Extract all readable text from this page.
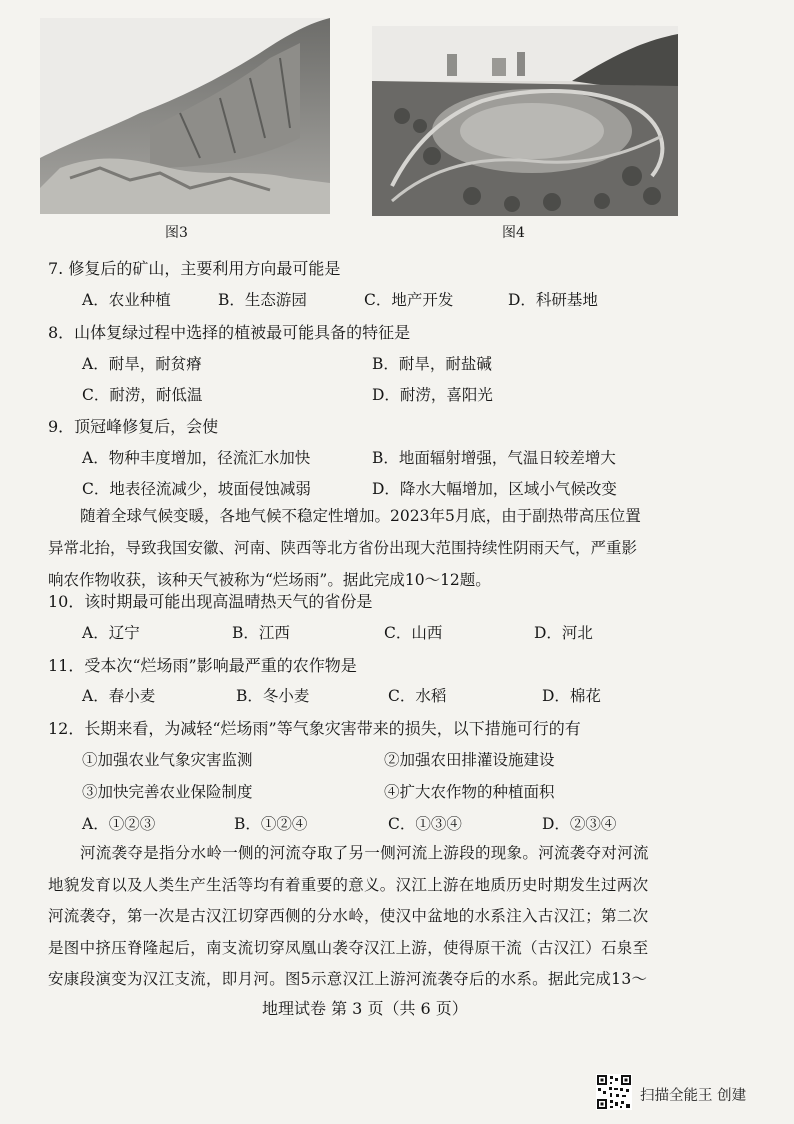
图3	图4
7. 修复后的矿山，主要利用方向最可能是
A．农业种植	B．生态游园	C．地产开发	D．科研基地
8．山体复绿过程中选择的植被最可能具备的特征是
A．耐旱，耐贫瘠	B．耐旱，耐盐碱
C．耐涝，耐低温	D．耐涝，喜阳光
9．顶冠峰修复后，会使
A．物种丰度增加，径流汇水加快	B．地面辐射增强，气温日较差增大
C．地表径流减少，坡面侵蚀减弱	D．降水大幅增加，区域小气候改变
随着全球气候变暖，各地气候不稳定性增加。2023年5月底，由于副热带高压位置
异常北抬，导致我国安徽、河南、陕西等北方省份出现大范围持续性阴雨天气，严重影
响农作物收获，该种天气被称为“烂场雨”。据此完成10～12题。
10．该时期最可能出现高温晴热天气的省份是
A．辽宁	B．江西	C．山西	D．河北
11．受本次“烂场雨”影响最严重的农作物是
A．春小麦	B．冬小麦	C．水稻	D．棉花
12．长期来看，为减轻“烂场雨”等气象灾害带来的损失，以下措施可行的有
①加强农业气象灾害监测	②加强农田排灌设施建设
③加快完善农业保险制度	④扩大农作物的种植面积
A．①②③	B．①②④	C．①③④	D．②③④
河流袭夺是指分水岭一侧的河流夺取了另一侧河流上游段的现象。河流袭夺对河流
地貌发育以及人类生产生活等均有着重要的意义。汉江上游在地质历史时期发生过两次
河流袭夺，第一次是古汉江切穿西侧的分水岭，使汉中盆地的水系注入古汉江；第二次
是图中挤压脊隆起后，南支流切穿凤凰山袭夺汉江上游，使得原干流（古汉江）石泉至
安康段演变为汉江支流，即月河。图5示意汉江上游河流袭夺后的水系。据此完成13～
地理试卷 第 3 页（共 6 页）
扫描全能王 创建
